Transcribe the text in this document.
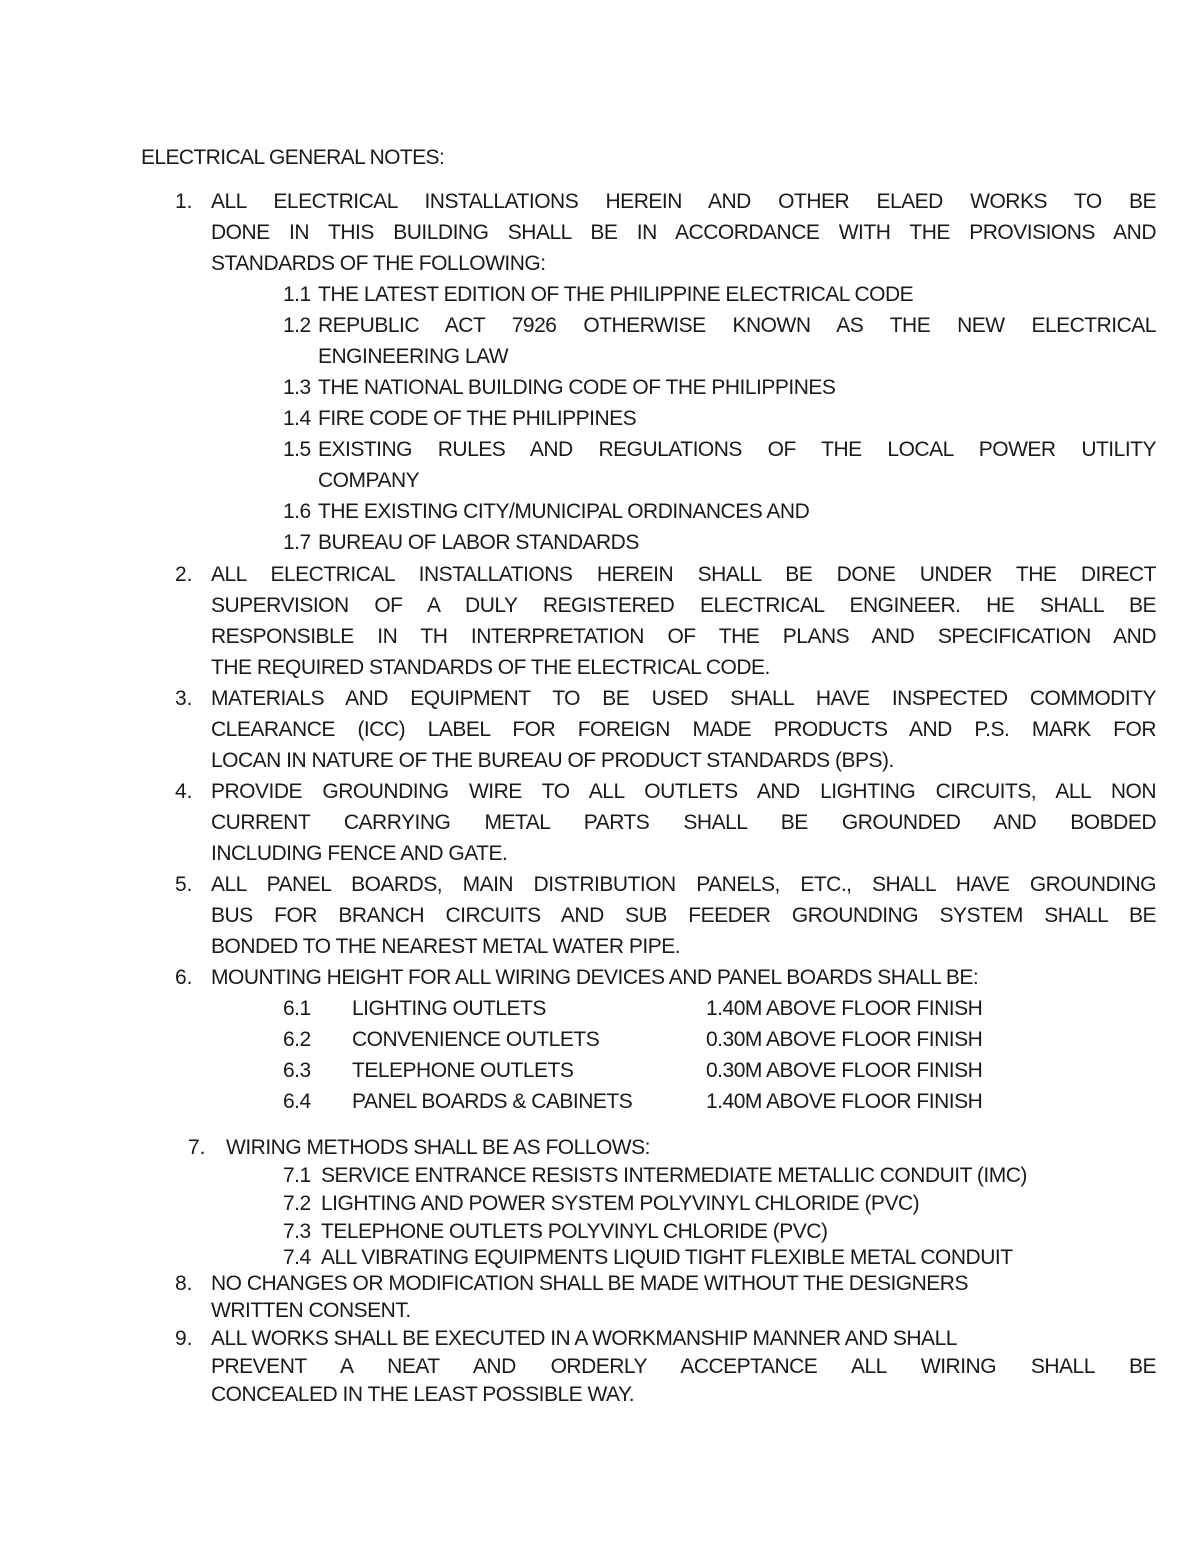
ELECTRICAL GENERAL NOTES:
1. ALL ELECTRICAL INSTALLATIONS HEREIN AND OTHER ELAED WORKS TO BE
DONE IN THIS BUILDING SHALL BE IN ACCORDANCE WITH THE PROVISIONS AND
STANDARDS OF THE FOLLOWING:
1.1 THE LATEST EDITION OF THE PHILIPPINE ELECTRICAL CODE
1.2 REPUBLIC ACT 7926 OTHERWISE KNOWN AS THE NEW ELECTRICAL
ENGINEERING LAW
1.3 THE NATIONAL BUILDING CODE OF THE PHILIPPINES
1.4 FIRE CODE OF THE PHILIPPINES
1.5 EXISTING RULES AND REGULATIONS OF THE LOCAL POWER UTILITY
COMPANY
1.6 THE EXISTING CITY/MUNICIPAL ORDINANCES AND
1.7 BUREAU OF LABOR STANDARDS
2. ALL ELECTRICAL INSTALLATIONS HEREIN SHALL BE DONE UNDER THE DIRECT
SUPERVISION OF A DULY REGISTERED ELECTRICAL ENGINEER. HE SHALL BE
RESPONSIBLE IN TH INTERPRETATION OF THE PLANS AND SPECIFICATION AND
THE REQUIRED STANDARDS OF THE ELECTRICAL CODE.
3. MATERIALS AND EQUIPMENT TO BE USED SHALL HAVE INSPECTED COMMODITY
CLEARANCE (ICC) LABEL FOR FOREIGN MADE PRODUCTS AND P.S. MARK FOR
LOCAN IN NATURE OF THE BUREAU OF PRODUCT STANDARDS (BPS).
4. PROVIDE GROUNDING WIRE TO ALL OUTLETS AND LIGHTING CIRCUITS, ALL NON
CURRENT CARRYING METAL PARTS SHALL BE GROUNDED AND BOBDED
INCLUDING FENCE AND GATE.
5. ALL PANEL BOARDS, MAIN DISTRIBUTION PANELS, ETC., SHALL HAVE GROUNDING
BUS FOR BRANCH CIRCUITS AND SUB FEEDER GROUNDING SYSTEM SHALL BE
BONDED TO THE NEAREST METAL WATER PIPE.
6. MOUNTING HEIGHT FOR ALL WIRING DEVICES AND PANEL BOARDS SHALL BE:
6.1 LIGHTING OUTLETS	1.40M ABOVE FLOOR FINISH
6.2 CONVENIENCE OUTLETS	0.30M ABOVE FLOOR FINISH
6.3 TELEPHONE OUTLETS	0.30M ABOVE FLOOR FINISH
6.4 PANEL BOARDS & CABINETS	1.40M ABOVE FLOOR FINISH
7. WIRING METHODS SHALL BE AS FOLLOWS:
7.1 SERVICE ENTRANCE RESISTS INTERMEDIATE METALLIC CONDUIT (IMC)
7.2 LIGHTING AND POWER SYSTEM POLYVINYL CHLORIDE (PVC)
7.3 TELEPHONE OUTLETS POLYVINYL CHLORIDE (PVC)
7.4 ALL VIBRATING EQUIPMENTS LIQUID TIGHT FLEXIBLE METAL CONDUIT
8. NO CHANGES OR MODIFICATION SHALL BE MADE WITHOUT THE DESIGNERS
WRITTEN CONSENT.
9. ALL WORKS SHALL BE EXECUTED IN A WORKMANSHIP MANNER AND SHALL
PREVENT A NEAT AND ORDERLY ACCEPTANCE ALL WIRING SHALL BE
CONCEALED IN THE LEAST POSSIBLE WAY.
